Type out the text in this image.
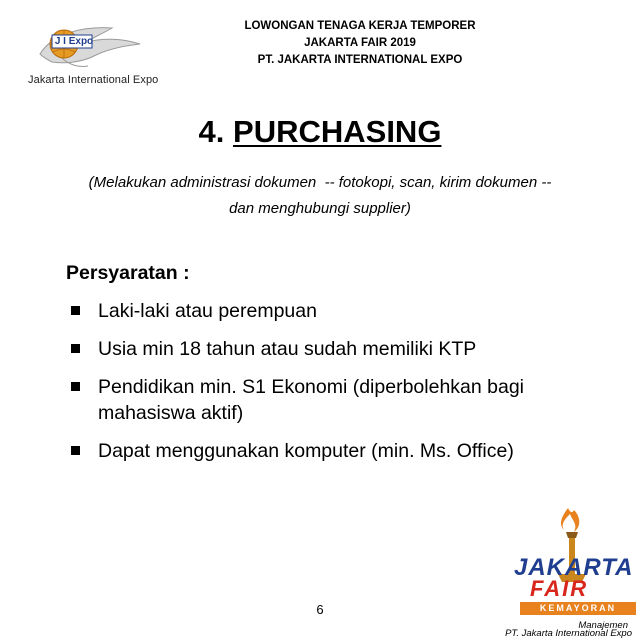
J I Expo
Jakarta International Expo
LOWONGAN TENAGA KERJA TEMPORER
JAKARTA FAIR 2019
PT. JAKARTA INTERNATIONAL EXPO
4. PURCHASING
(Melakukan administrasi dokumen  -- fotokopi, scan, kirim dokumen --
dan menghubungi supplier)
Persyaratan :
Laki-laki atau perempuan
Usia min 18 tahun atau sudah memiliki KTP
Pendidikan min. S1 Ekonomi (diperbolehkan bagi mahasiswa aktif)
Dapat menggunakan komputer (min. Ms. Office)
6
JAKARTA
FAIR
KEMAYORAN
Manajemen
PT. Jakarta International Expo
